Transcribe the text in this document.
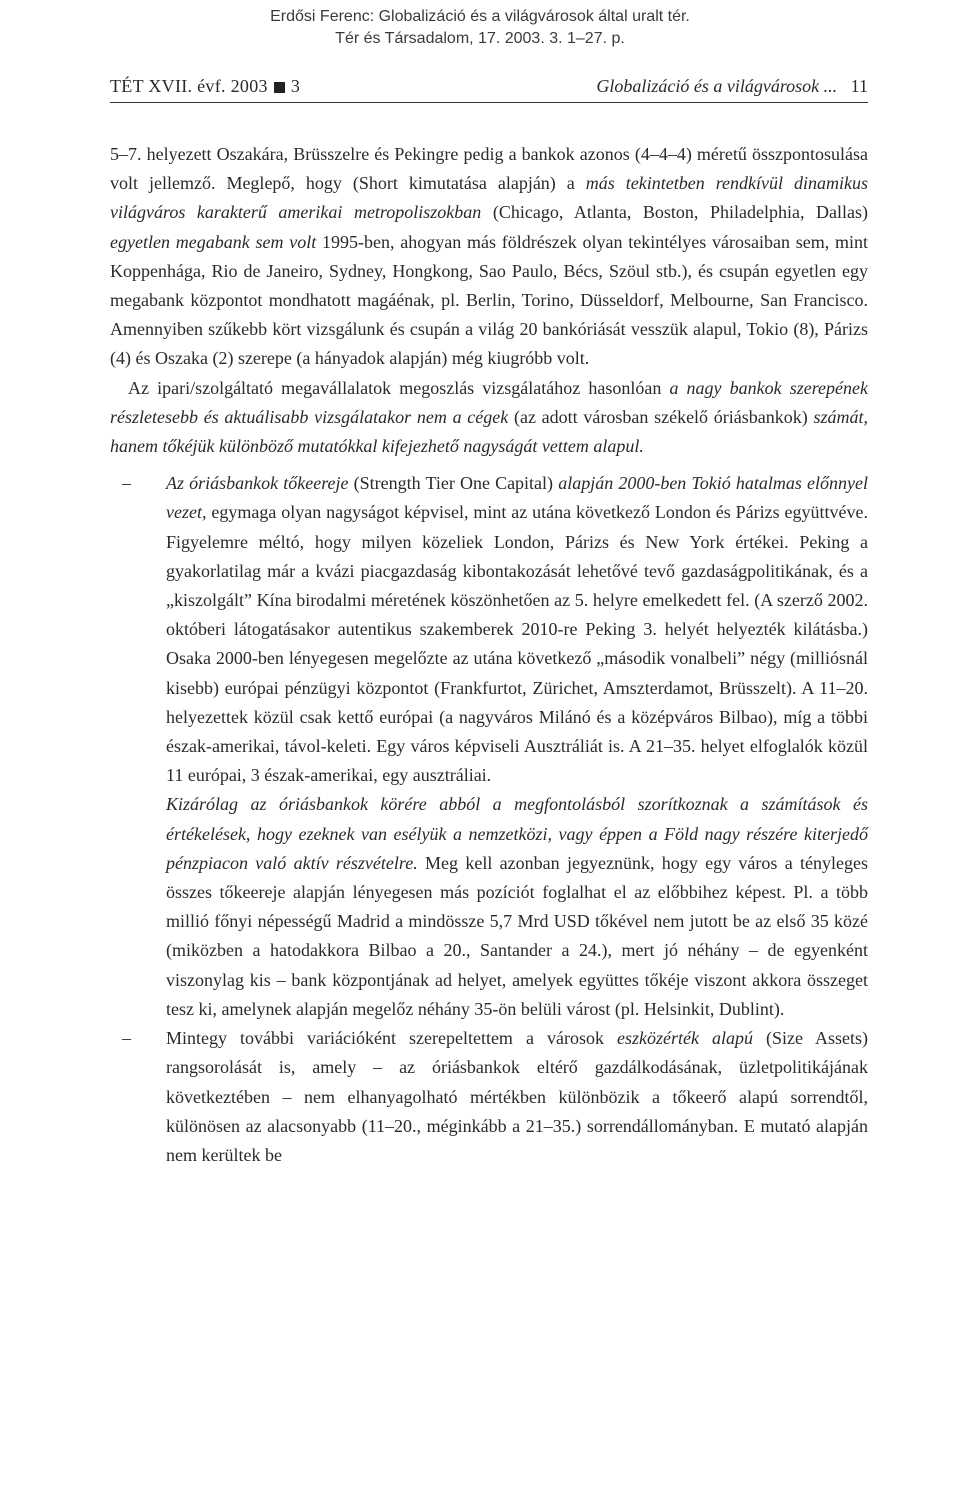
Erdősi Ferenc: Globalizáció és a világvárosok által uralt tér.
Tér és Társadalom, 17. 2003. 3. 1–27. p.
TÉT XVII. évf. 2003 3	Globalizáció és a világvárosok ... 11

5–7. helyezett Oszakára, Brüsszelre és Pekingre pedig a bankok azonos (4–4–4) méretű összpontosulása volt jellemző. Meglepő, hogy (Short kimutatása alapján) a más tekintetben rendkívül dinamikus világváros karakterű amerikai metropoliszokban (Chicago, Atlanta, Boston, Philadelphia, Dallas) egyetlen megabank sem volt 1995-ben, ahogyan más földrészek olyan tekintélyes városaiban sem, mint Koppenhága, Rio de Janeiro, Sydney, Hongkong, Sao Paulo, Bécs, Szöul stb.), és csupán egyetlen egy megabank központot mondhatott magáénak, pl. Berlin, Torino, Düsseldorf, Melbourne, San Francisco. Amennyiben szűkebb kört vizsgálunk és csupán a világ 20 bankóriását vesszük alapul, Tokio (8), Párizs (4) és Oszaka (2) szerepe (a hányadok alapján) még kiugróbb volt.

Az ipari/szolgáltató megavállalatok megoszlás vizsgálatához hasonlóan a nagy bankok szerepének részletesebb és aktuálisabb vizsgálatakor nem a cégek (az adott városban székelő óriásbankok) számát, hanem tőkéjük különböző mutatókkal kifejezhető nagyságát vettem alapul.

– Az óriásbankok tőkeereje (Strength Tier One Capital) alapján 2000-ben Tokió hatalmas előnnyel vezet, egymaga olyan nagyságot képvisel, mint az utána következő London és Párizs együttvéve. Figyelemre méltó, hogy milyen közeliek London, Párizs és New York értékei. Peking a gyakorlatilag már a kvázi piacgazdaság kibontakozását lehetővé tevő gazdaságpolitikának, és a „kiszolgált” Kína birodalmi méretének köszönhetően az 5. helyre emelkedett fel. (A szerző 2002. októberi látogatásakor autentikus szakemberek 2010-re Peking 3. helyét helyezték kilátásba.) Osaka 2000-ben lényegesen megelőzte az utána következő „második vonalbeli” négy (milliósnál kisebb) európai pénzügyi központot (Frankfurtot, Zürichet, Amszterdamot, Brüsszelt). A 11–20. helyezettek közül csak kettő európai (a nagyváros Milánó és a középváros Bilbao), míg a többi észak-amerikai, távol-keleti. Egy város képviseli Ausztráliát is. A 21–35. helyet elfoglalók közül 11 európai, 3 észak-amerikai, egy ausztráliai.

Kizárólag az óriásbankok körére abból a megfontolásból szorítkoznak a számítások és értékelések, hogy ezeknek van esélyük a nemzetközi, vagy éppen a Föld nagy részére kiterjedő pénzpiacon való aktív részvételre. Meg kell azonban jegyeznünk, hogy egy város a tényleges összes tőkeereje alapján lényegesen más pozíciót foglalhat el az előbbihez képest. Pl. a több millió főnyi népességű Madrid a mindössze 5,7 Mrd USD tőkével nem jutott be az első 35 közé (miközben a hatodakkora Bilbao a 20., Santander a 24.), mert jó néhány – de egyenként viszonylag kis – bank központjának ad helyet, amelyek együttes tőkéje viszont akkora összeget tesz ki, amelynek alapján megelőz néhány 35-ön belüli várost (pl. Helsinkit, Dublint).

– Mintegy további variációként szerepeltettem a városok eszközérték alapú (Size Assets) rangsorolását is, amely – az óriásbankok eltérő gazdálkodásának, üzletpolitikájának következtében – nem elhanyagolható mértékben különbözik a tőkeerő alapú sorrendtől, különösen az alacsonyabb (11–20., méginkább a 21–35.) sorrendállományban. E mutató alapján nem kerültek be
